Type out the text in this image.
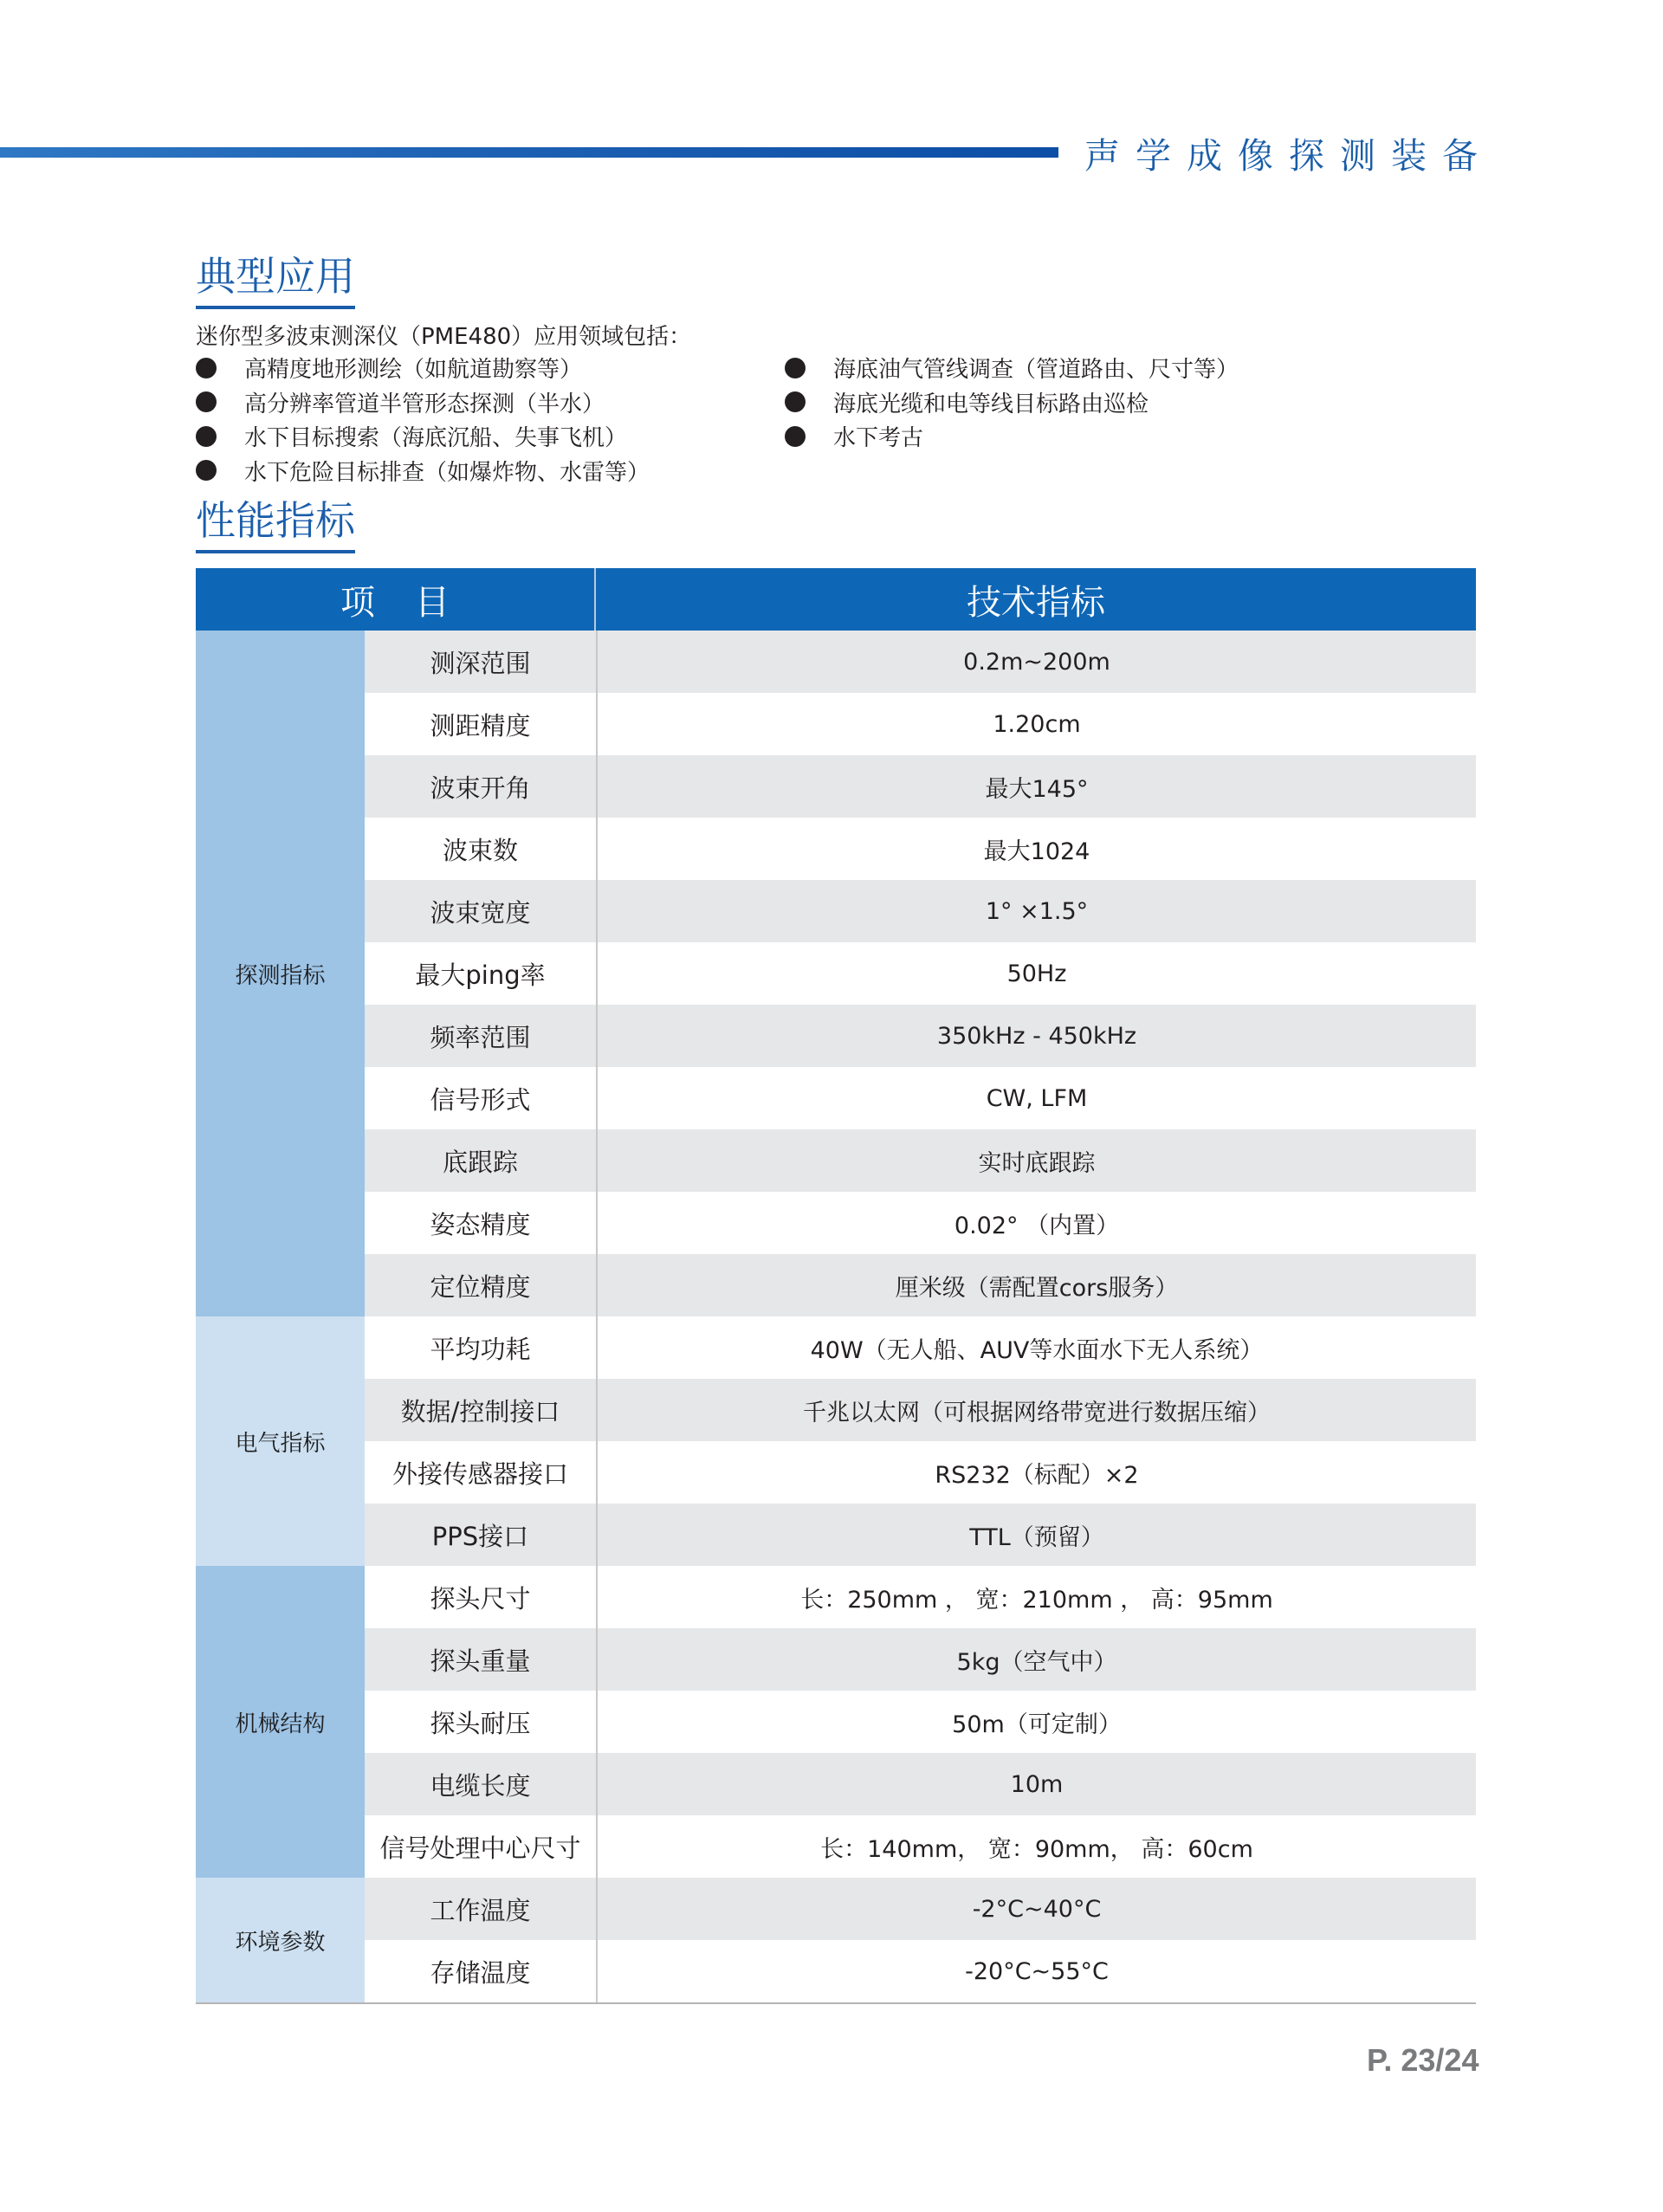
声学成像探测装备
典型应用
迷你型多波束测深仪（PME480）应用领域包括：
高精度地形测绘（如航道勘察等）
高分辨率管道半管形态探测（半水）
水下目标搜索（海底沉船、失事飞机）
水下危险目标排查（如爆炸物、水雷等）
海底油气管线调查（管道路由、尺寸等）
海底光缆和电等线目标路由巡检
水下考古
性能指标
项目	技术指标
探测指标
测深范围	0.2m~200m
测距精度	1.20cm
波束开角	最大145°
波束数	最大1024
波束宽度	1° ×1.5°
最大ping率	50Hz
频率范围	350kHz - 450kHz
信号形式	CW, LFM
底跟踪	实时底跟踪
姿态精度	0.02° （内置）
定位精度	厘米级（需配置cors服务）
电气指标
平均功耗	40W（无人船、AUV等水面水下无人系统）
数据/控制接口	千兆以太网（可根据网络带宽进行数据压缩）
外接传感器接口	RS232（标配）×2
PPS接口	TTL（预留）
机械结构
探头尺寸	长：250mm ， 宽：210mm ， 高：95mm
探头重量	5kg（空气中）
探头耐压	50m（可定制）
电缆长度	10m
信号处理中心尺寸	长：140mm， 宽：90mm， 高：60cm
环境参数
工作温度	-2°C~40°C
存储温度	-20°C~55°C
P. 23/24
